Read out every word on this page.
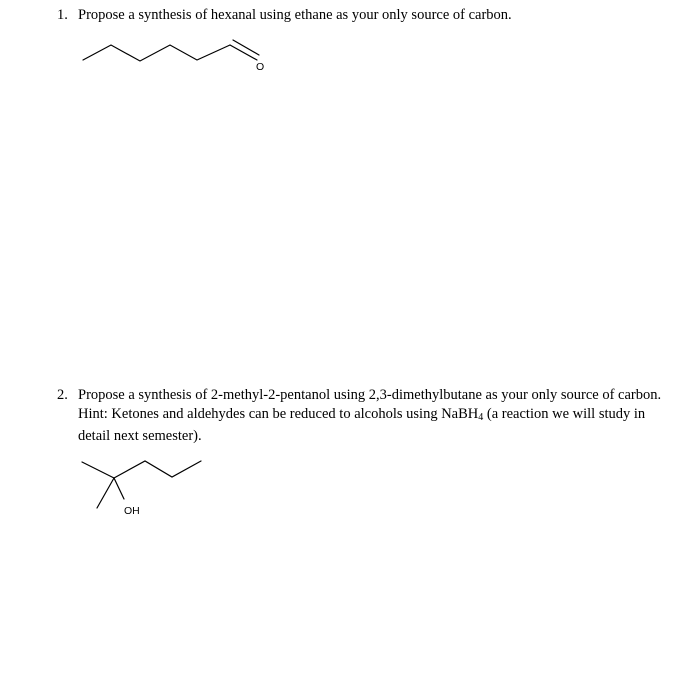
1. Propose a synthesis of hexanal using ethane as your only source of carbon.
O
OH
2. Propose a synthesis of 2-methyl-2-pentanol using 2,3-dimethylbutane as your only source of carbon. Hint: Ketones and aldehydes can be reduced to alcohols using NaBH$_4$ (a reaction we will study in detail next semester).
